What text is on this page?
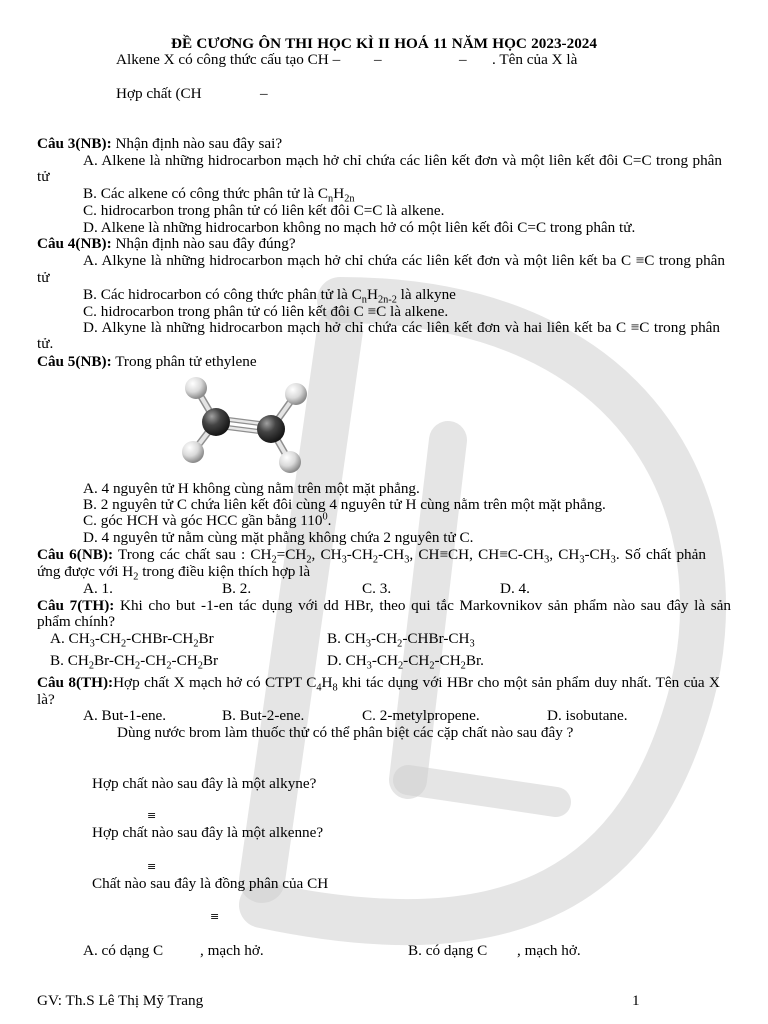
ĐỀ CƯƠNG ÔN THI HỌC KÌ II HOÁ 11 NĂM HỌC 2023-2024
Alkene X có công thức cấu tạo CH – –	– . Tên của X là
Hợp chất (CH	–
Câu 3(NB): Nhận định nào sau đây sai?
A. Alkene là những hidrocarbon mạch hở chỉ chứa các liên kết đơn và một liên kết đôi C=C trong phân
tử
B. Các alkene có công thức phân tử là $C_nH_{2n}$
C. hidrocarbon trong phân tử có liên kết đôi C=C là alkene.
D. Alkene là những hidrocarbon không no mạch hở có một liên kết đôi C=C trong phân tử.
Câu 4(NB): Nhận định nào sau đây đúng?
A. Alkyne là những hidrocarbon mạch hở chỉ chứa các liên kết đơn và một liên kết ba C ≡C trong phân
tử
B. Các hidrocarbon có công thức phân tử là $C_nH_{2n-2}$ là alkyne
C. hidrocarbon trong phân tử có liên kết đôi C ≡C là alkene.
D. Alkyne là những hidrocarbon mạch hở chỉ chứa các liên kết đơn và hai liên kết ba C ≡C trong phân
tử.
Câu 5(NB): Trong phân tử ethylene
A. 4 nguyên tử H không cùng nằm trên một mặt phẳng.
B. 2 nguyên tử C chứa liên kết đôi cùng 4 nguyên tử H cùng nằm trên một mặt phẳng.
C. góc HCH và góc HCC gần bằng $110^0$.
D. 4 nguyên tử nằm cùng mặt phẳng không chứa 2 nguyên tử C.
Câu 6(NB): Trong các chất sau : $CH_2=CH_2$, $CH_3-CH_2-CH_3$, CH≡CH, $CH\equiv C-CH_3$, $CH_3-CH_3$. Số chất phản
ứng được với $H_2$ trong điều kiện thích hợp là
A. 1.	B. 2.	C. 3.	D. 4.
Câu 7(TH): Khi cho but -1-en tác dụng với dd HBr, theo qui tắc Markovnikov sản phẩm nào sau đây là sản
phẩm chính?
A. $CH_3-CH_2-CHBr-CH_2Br$	B. $CH_3-CH_2-CHBr-CH_3$
B. $CH_2Br-CH_2-CH_2-CH_2Br$	D. $CH_3-CH_2-CH_2-CH_2Br$.
Câu 8(TH):Hợp chất X mạch hở có CTPT $C_4H_8$ khi tác dụng với HBr cho một sản phẩm duy nhất. Tên của X
là?
A. But-1-ene.	B. But-2-ene.	C. 2-metylpropene.	D. isobutane.
Dùng nước brom làm thuốc thử có thể phân biệt các cặp chất nào sau đây ?
Hợp chất nào sau đây là một alkyne?
≡
Hợp chất nào sau đây là một alkenne?
≡
Chất nào sau đây là đồng phân của CH
≡
A. có dạng C , mạch hở.	B. có dạng C , mạch hở.
GV: Th.S Lê Thị Mỹ Trang	1
